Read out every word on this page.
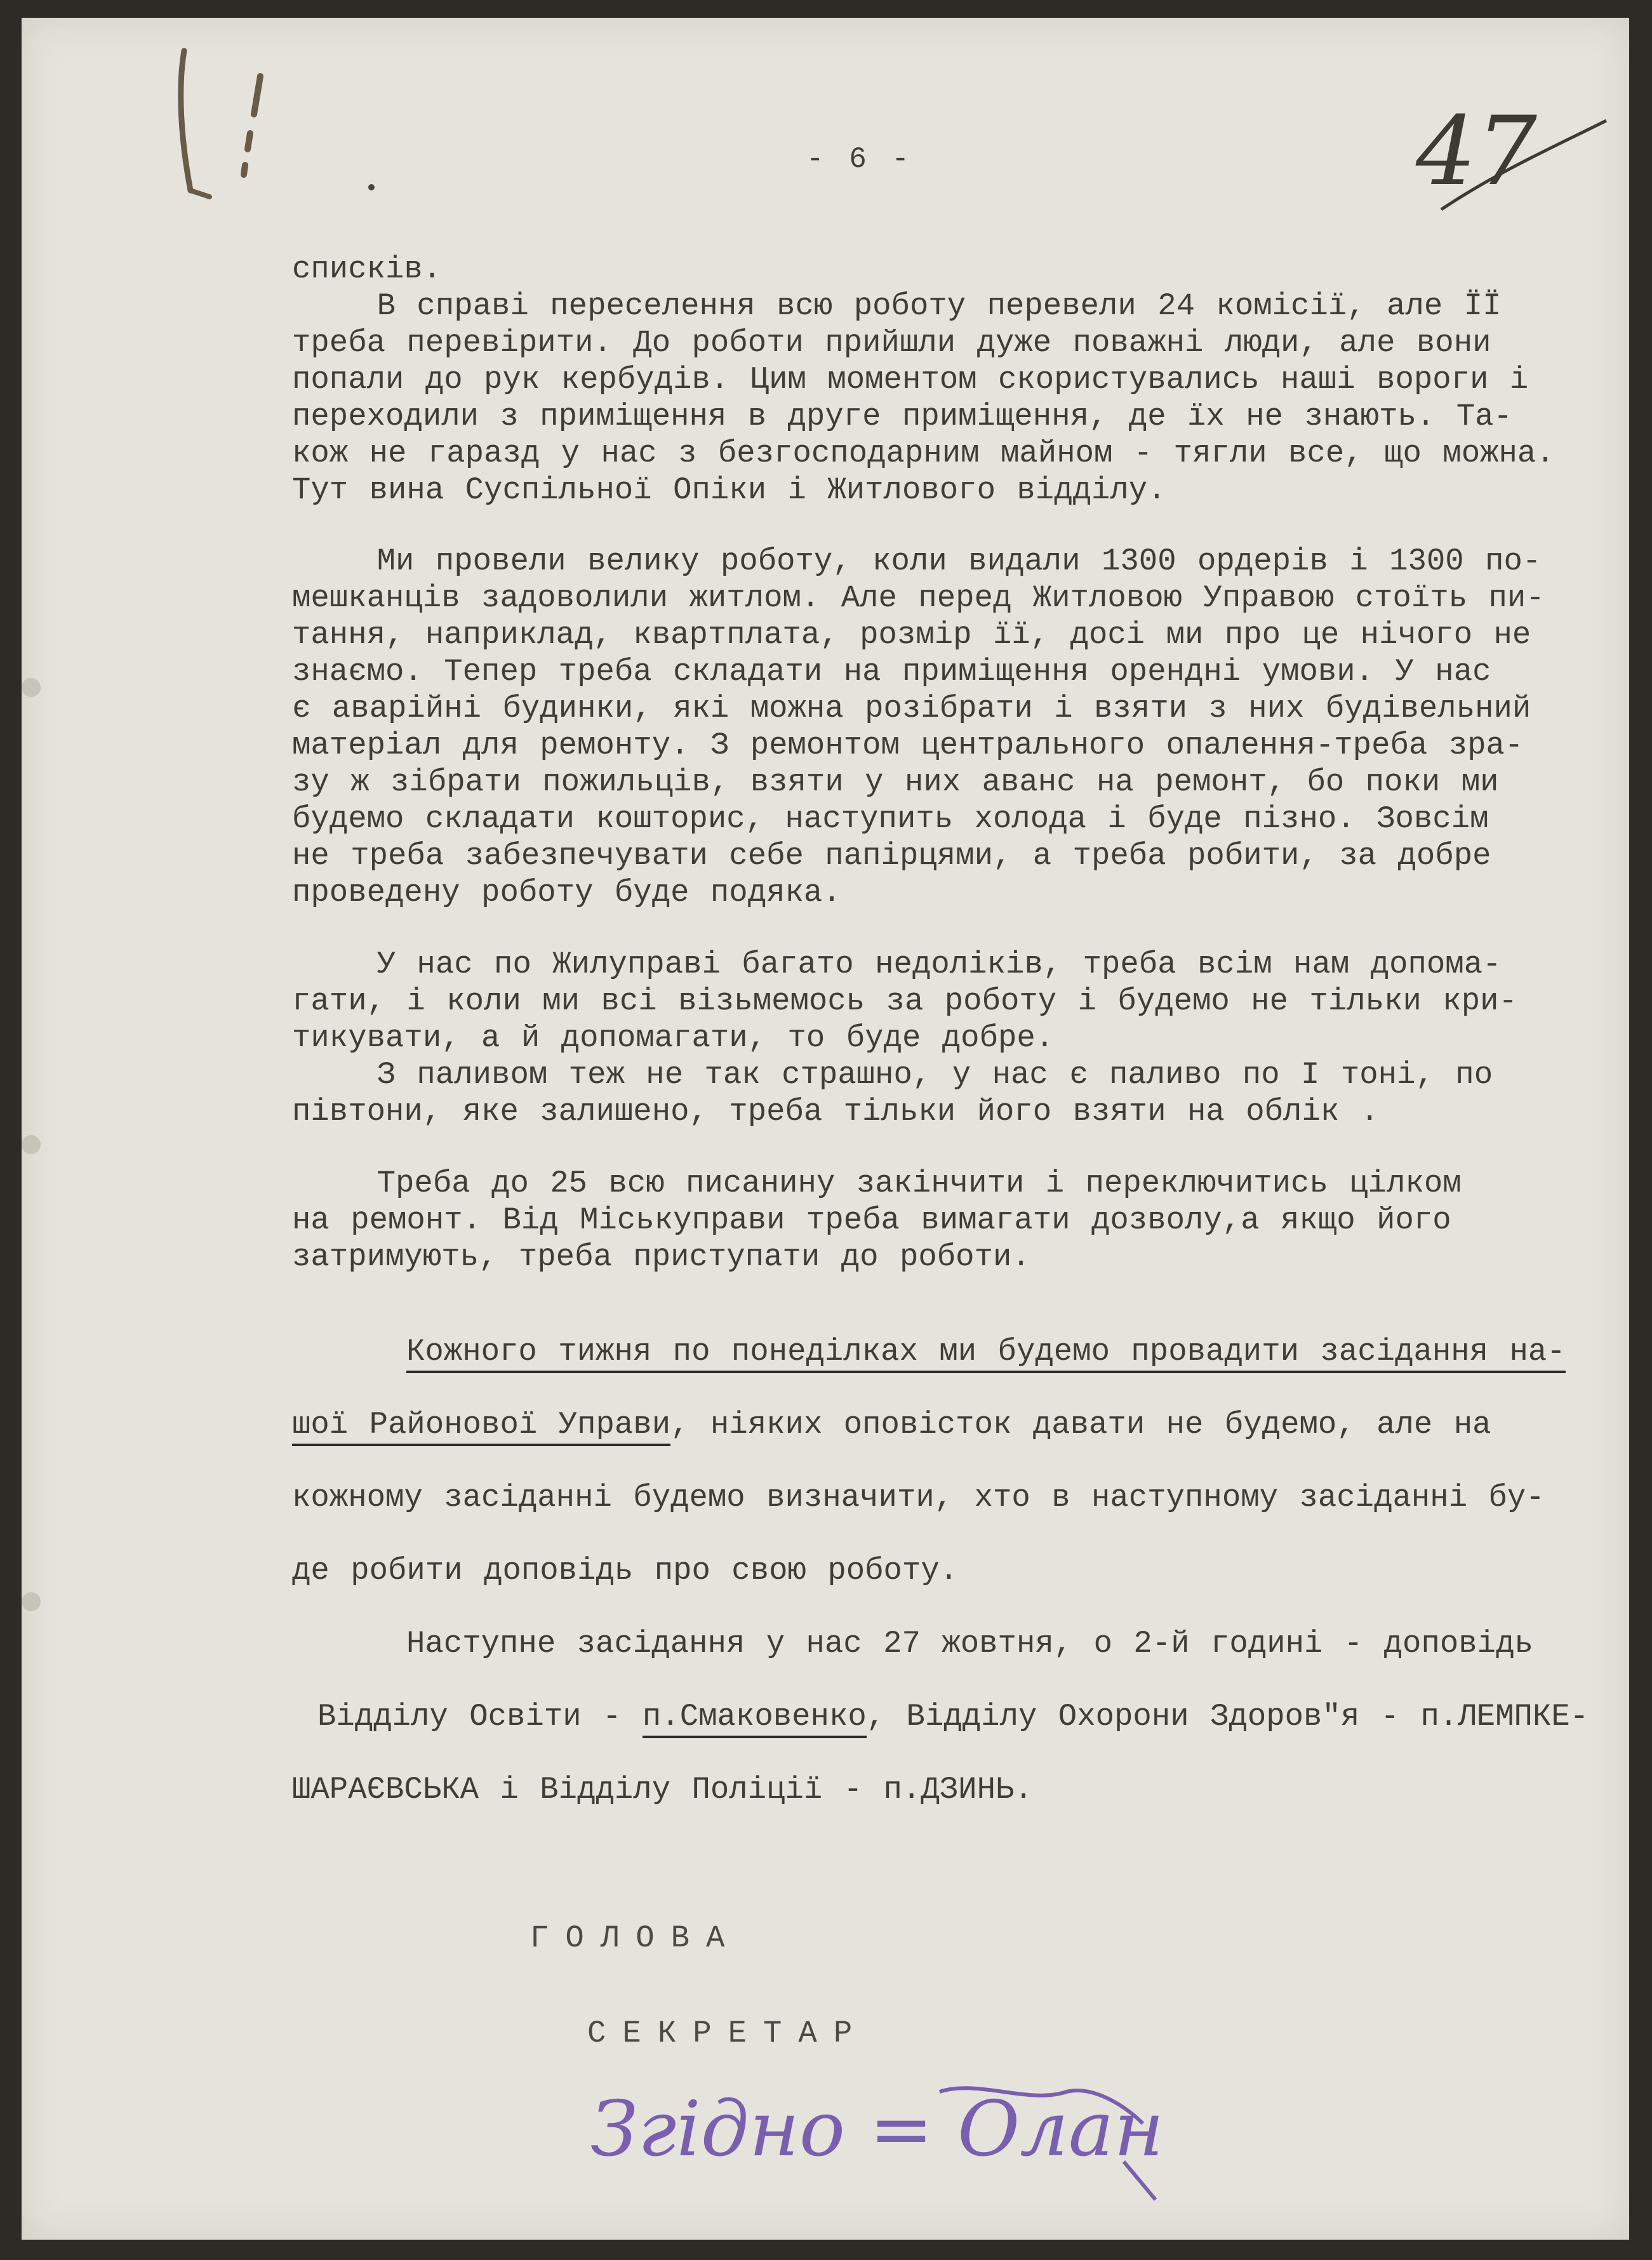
47
- 6 -

списків.

В справі переселення всю роботу перевели 24 комісії, але ЇЇ

треба перевірити. До роботи прийшли дуже поважні люди, але вони

попали до рук кербудів. Цим моментом скористувались наші вороги і

переходили з приміщення в друге приміщення, де їх не знають. Та-

кож не гаразд у нас з безгосподарним майном - тягли все, що можна.

Тут вина Суспільної Опіки і Житлового відділу.

Ми провели велику роботу, коли видали 1300 ордерів і 1300 по-

мешканців задоволили житлом. Але перед Житловою Управою стоїть пи-

тання, наприклад, квартплата, розмір її, досі ми про це нічого не

знаємо. Тепер треба складати на приміщення орендні умови. У нас

є аварійні будинки, які можна розібрати і взяти з них будівельний

матеріал для ремонту. З ремонтом центрального опалення-треба зра-

зу ж зібрати пожильців, взяти у них аванс на ремонт, бо поки ми

будемо складати кошторис, наступить холода і буде пізно. Зовсім

не треба забезпечувати себе папірцями, а треба робити, за добре

проведену роботу буде подяка.

У нас по Жилуправі багато недоліків, треба всім нам допома-

гати, і коли ми всі візьмемось за роботу і будемо не тільки кри-

тикувати, а й допомагати, то буде добре.

З паливом теж не так страшно, у нас є паливо по І тоні, по

півтони, яке залишено, треба тільки його взяти на облік .

Треба до 25 всю писанину закінчити і переключитись цілком

на ремонт. Від Міськуправи треба вимагати дозволу,а якщо його

затримують, треба приступати до роботи.

Кожного тижня по понеділках ми будемо провадити засідання на-

шої Районової Управи, ніяких оповісток давати не будемо, але на

кожному засіданні будемо визначити, хто в наступному засіданні бу-

де робити доповідь про свою роботу.

Наступне засідання у нас 27 жовтня, о 2-й годині - доповідь

Відділу Освіти - п.Смаковенко, Відділу Охорони Здоров"я - п.ЛЕМПКЕ-

ШАРАЄВСЬКА і Відділу Поліції - п.ДЗИНЬ.

ГОЛОВА
СЕКРЕТАР
Згідно = Олан
